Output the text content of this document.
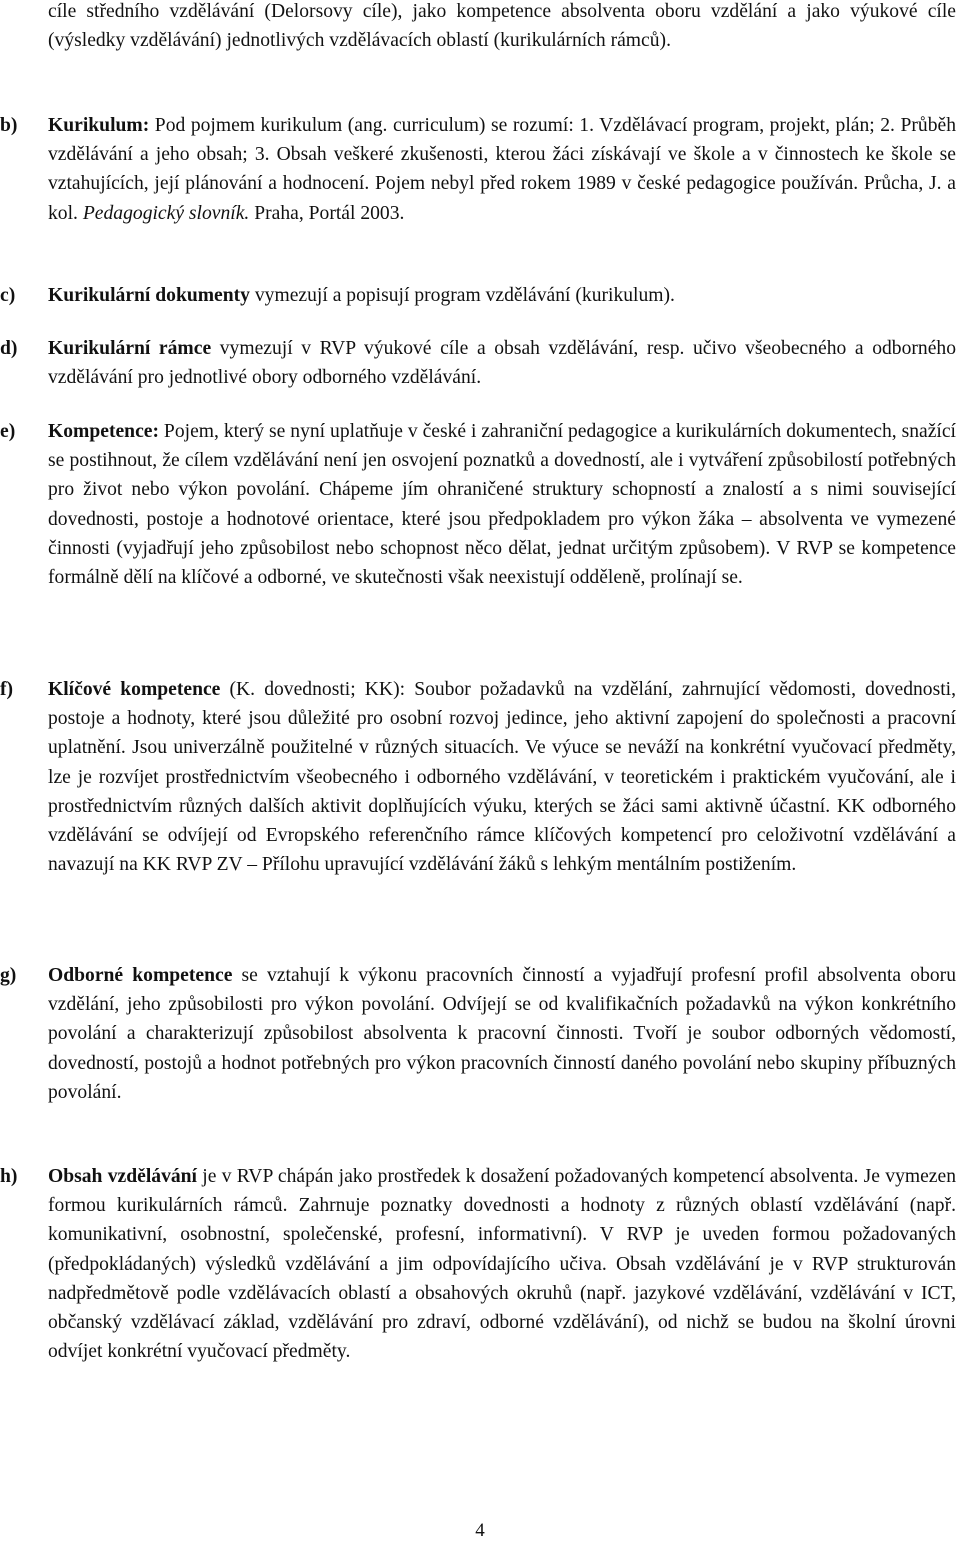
cíle středního vzdělávání (Delorsovy cíle), jako kompetence absolventa oboru vzdělání a jako výukové cíle (výsledky vzdělávání) jednotlivých vzdělávacích oblastí (kurikulárních rámců).

b)	Kurikulum: Pod pojmem kurikulum (ang. curriculum) se rozumí: 1. Vzdělávací program, projekt, plán; 2. Průběh vzdělávání a jeho obsah; 3. Obsah veškeré zkušenosti, kterou žáci získávají ve škole a v činnostech ke škole se vztahujících, její plánování a hodnocení. Pojem nebyl před rokem 1989 v české pedagogice používán. Průcha, J. a kol. Pedagogický slovník. Praha, Portál 2003.
c)	Kurikulární dokumenty vymezují a popisují program vzdělávání (kurikulum).
d)	Kurikulární rámce vymezují v RVP výukové cíle a obsah vzdělávání, resp. učivo všeobecného a odborného vzdělávání pro jednotlivé obory odborného vzdělávání.
e)	Kompetence: Pojem, který se nyní uplatňuje v české i zahraniční pedagogice a kurikulárních dokumentech, snažící se postihnout, že cílem vzdělávání není jen osvojení poznatků a dovedností, ale i vytváření způsobilostí potřebných pro život nebo výkon povolání. Chápeme jím ohraničené struktury schopností a znalostí a s nimi související dovednosti, postoje a hodnotové orientace, které jsou předpokladem pro výkon žáka – absolventa ve vymezené činnosti (vyjadřují jeho způsobilost nebo schopnost něco dělat, jednat určitým způsobem). V RVP se kompetence formálně dělí na klíčové a odborné, ve skutečnosti však neexistují odděleně, prolínají se.
f)	Klíčové kompetence (K. dovednosti; KK): Soubor požadavků na vzdělání, zahrnující vědomosti, dovednosti, postoje a hodnoty, které jsou důležité pro osobní rozvoj jedince, jeho aktivní zapojení do společnosti a pracovní uplatnění. Jsou univerzálně použitelné v různých situacích. Ve výuce se neváží na konkrétní vyučovací předměty, lze je rozvíjet prostřednictvím všeobecného i odborného vzdělávání, v teoretickém i praktickém vyučování, ale i prostřednictvím různých dalších aktivit doplňujících výuku, kterých se žáci sami aktivně účastní. KK odborného vzdělávání se odvíjejí od Evropského referenčního rámce klíčových kompetencí pro celoživotní vzdělávání a navazují na KK RVP ZV – Přílohu upravující vzdělávání žáků s lehkým mentálním postižením.
g)	Odborné kompetence se vztahují k výkonu pracovních činností a vyjadřují profesní profil absolventa oboru vzdělání, jeho způsobilosti pro výkon povolání. Odvíjejí se od kvalifikačních požadavků na výkon konkrétního povolání a charakterizují způsobilost absolventa k pracovní činnosti. Tvoří je soubor odborných vědomostí, dovedností, postojů a hodnot potřebných pro výkon pracovních činností daného povolání nebo skupiny příbuzných povolání.
h)	Obsah vzdělávání je v RVP chápán jako prostředek k dosažení požadovaných kompetencí absolventa. Je vymezen formou kurikulárních rámců. Zahrnuje poznatky dovednosti a hodnoty z různých oblastí vzdělávání (např. komunikativní, osobnostní, společenské, profesní, informativní). V RVP je uveden formou požadovaných (předpokládaných) výsledků vzdělávání a jim odpovídajícího učiva. Obsah vzdělávání je v RVP strukturován nadpředmětově podle vzdělávacích oblastí a obsahových okruhů (např. jazykové vzdělávání, vzdělávání v ICT, občanský vzdělávací základ, vzdělávání pro zdraví, odborné vzdělávání), od nichž se budou na školní úrovni odvíjet konkrétní vyučovací předměty.
4
